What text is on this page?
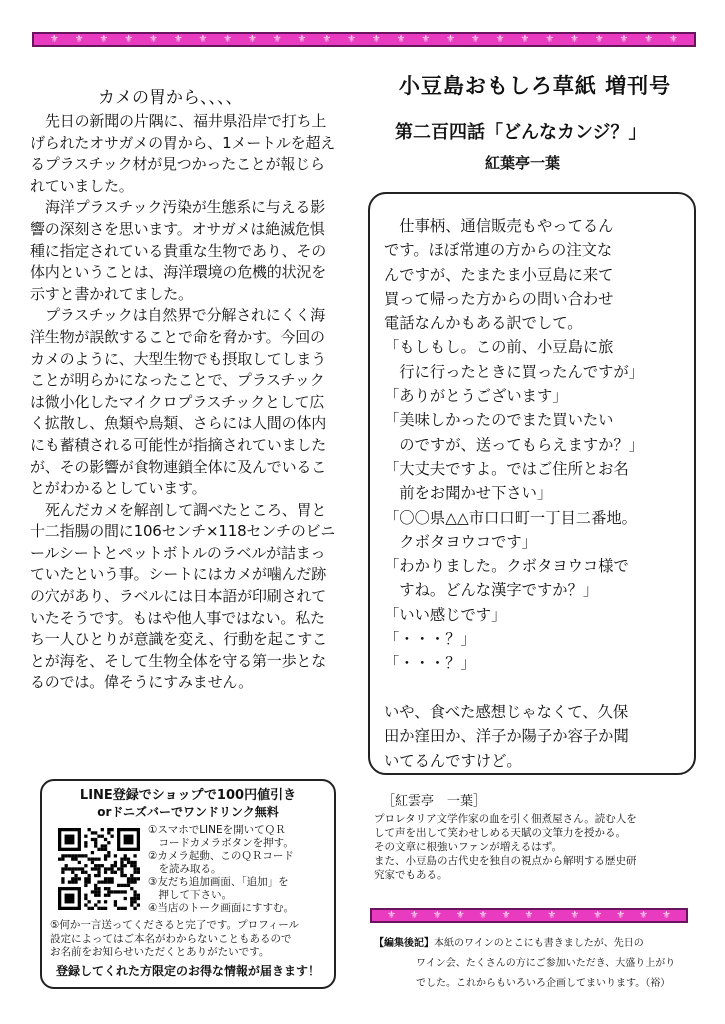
⚜ ⚜ ⚜ ⚜ ⚜ ⚜ ⚜ ⚜ ⚜ ⚜ ⚜ ⚜ ⚜ ⚜ ⚜ ⚜ ⚜ ⚜ ⚜ ⚜ ⚜ ⚜ ⚜ ⚜ ⚜ ⚜
カメの胃から、、、、

先日の新聞の片隅に、福井県沿岸で打ち上げられたオサガメの胃から、1メートルを超えるプラスチック材が見つかったことが報じられていました。

海洋プラスチック汚染が生態系に与える影響の深刻さを思います。オサガメは絶滅危惧種に指定されている貴重な生物であり、その体内ということは、海洋環境の危機的状況を示すと書かれてました。

プラスチックは自然界で分解されにくく海洋生物が誤飲することで命を脅かす。今回のカメのように、大型生物でも摂取してしまうことが明らかになったことで、プラスチックは微小化したマイクロプラスチックとして広く拡散し、魚類や鳥類、さらには人間の体内にも蓄積される可能性が指摘されていましたが、その影響が食物連鎖全体に及んでいることがわかるとしています。

死んだカメを解剖して調べたところ、胃と十二指腸の間に106センチ×118センチのビニールシートとペットボトルのラベルが詰まっていたという事。シートにはカメが噛んだ跡の穴があり、ラベルには日本語が印刷されていたそうです。もはや他人事ではない。私たち一人ひとりが意識を変え、行動を起こすことが海を、そして生物全体を守る第一歩となるのでは。偉そうにすみません。

LINE登録でショップで100円値引き
orドニズバーでワンドリンク無料
①スマホでLINEを開いてＱＲ
　コードカメラボタンを押す。
②カメラ起動、このＱＲコード
　を読み取る。
③友だち追加画面、「追加」を
　押して下さい。
④当店のトーク画面にすすむ。
⑤何か一言送ってくださると完了です。プロフィール
設定によってはご本名がわからないこともあるので
お名前をお知らせいただくとありがたいです。
登録してくれた方限定のお得な情報が届きます！
小豆島おもしろ草紙 増刊号
第二百四話「どんなカンジ？」
紅葉亭一葉
　仕事柄、通信販売もやってるん
です。ほぼ常連の方からの注文な
んですが、たまたま小豆島に来て
買って帰った方からの問い合わせ
電話なんかもある訳でして。
「もしもし。この前、小豆島に旅
　行に行ったときに買ったんですが」
「ありがとうございます」
「美味しかったのでまた買いたい
　のですが、送ってもらえますか？」
「大丈夫ですよ。ではご住所とお名
　前をお聞かせ下さい」
「〇〇県△△市口口町一丁目二番地。
　クボタヨウコです」
「わかりました。クボタヨウコ様で
　すね。どんな漢字ですか？」
「いい感じです」
「・・・？」
「・・・？」
いや、食べた感想じゃなくて、久保
田か窪田か、洋子か陽子か容子か聞
いてるんですけど。
［紅雲亭　一葉］

プロレタリア文学作家の血を引く佃煮屋さん。読む人を

して声を出して笑わせしめる天賦の文筆力を授かる。

その文章に根強いファンが増えるはず。

また、小豆島の古代史を独自の視点から解明する歴史研

究家でもある。

⚜ ⚜ ⚜ ⚜ ⚜ ⚜ ⚜ ⚜ ⚜ ⚜ ⚜ ⚜ ⚜

【編集後記】本紙のワインのとこにも書きましたが、先日の

ワイン会、たくさんの方にご参加いただき、大盛り上がり

でした。これからもいろいろ企画してまいります。（裕）
